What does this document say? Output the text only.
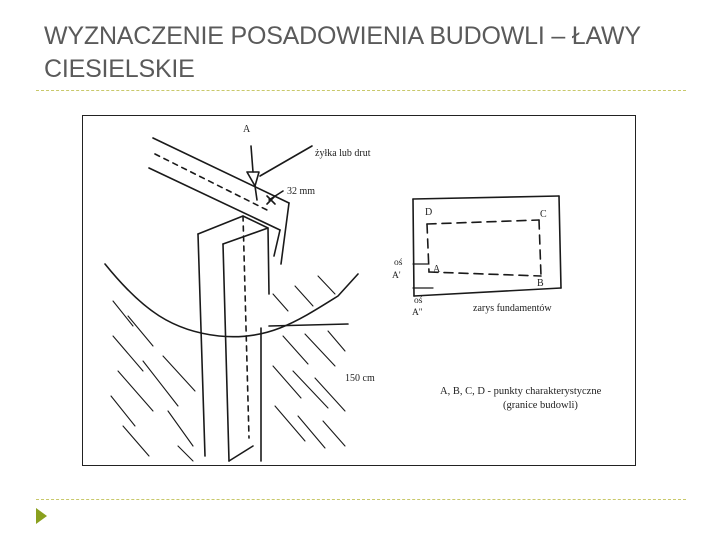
WYZNACZENIE POSADOWIENIA BUDOWLI – ŁAWY CIESIELSKIE
A
żyłka lub drut
32 mm
150 cm
D	C
A
B
oś
A'
oś
A''	zarys fundamentów
A, B, C, D - punkty charakterystyczne
(granice budowli)
